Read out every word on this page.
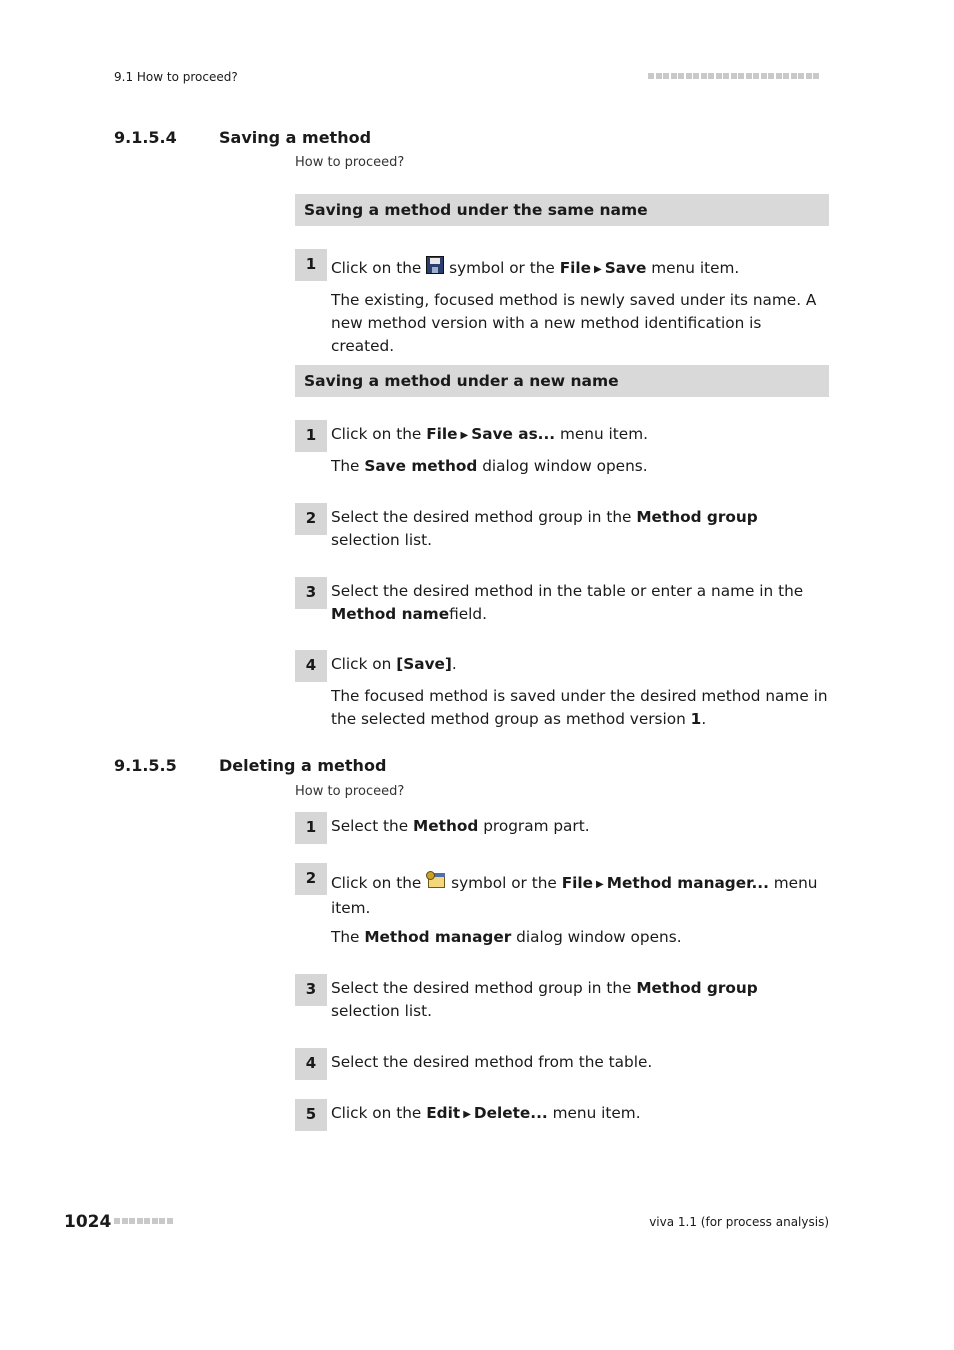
9.1 How to proceed?
9.1.5.4	Saving a method
How to proceed?
Saving a method under the same name
1 Click on the symbol or the File ▶ Save menu item.
The existing, focused method is newly saved under its name. A new method version with a new method identification is created.
Saving a method under a new name
1 Click on the File ▶ Save as... menu item.
The Save method dialog window opens.
2 Select the desired method group in the Method group selection list.
3 Select the desired method in the table or enter a name in the Method namefield.
4 Click on [Save].
The focused method is saved under the desired method name in the selected method group as method version 1.
9.1.5.5	Deleting a method
How to proceed?
1 Select the Method program part.
2 Click on the symbol or the File ▶ Method manager... menu item.
The Method manager dialog window opens.
3 Select the desired method group in the Method group selection list.
4 Select the desired method from the table.
5 Click on the Edit ▶ Delete... menu item.
1024	viva 1.1 (for process analysis)
